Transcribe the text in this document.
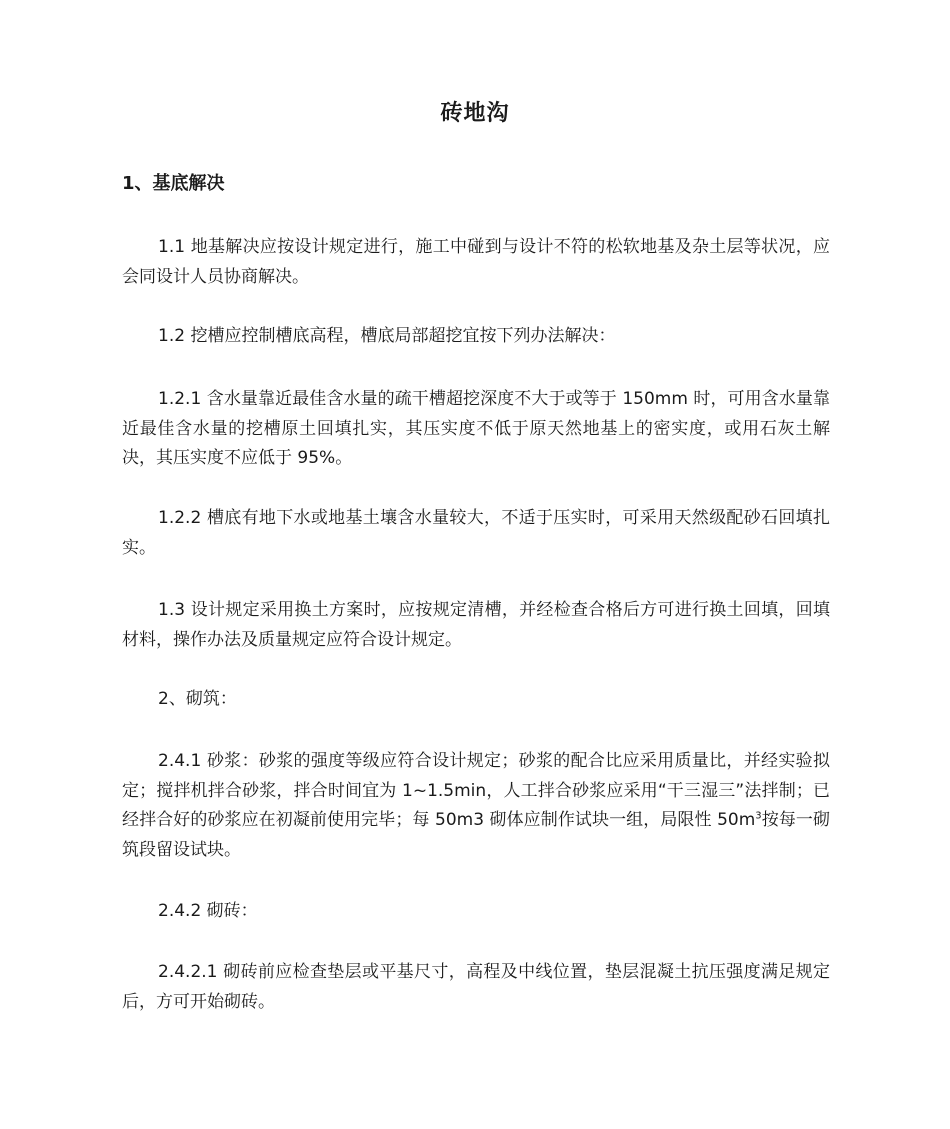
砖地沟
1、基底解决

1.1 地基解决应按设计规定进行，施工中碰到与设计不符的松软地基及杂土层等状况，应会同设计人员协商解决。

1.2 挖槽应控制槽底高程，槽底局部超挖宜按下列办法解决：

1.2.1 含水量靠近最佳含水量的疏干槽超挖深度不大于或等于 150mm 时，可用含水量靠近最佳含水量的挖槽原土回填扎实，其压实度不低于原天然地基上的密实度，或用石灰土解决，其压实度不应低于 95%。

1.2.2 槽底有地下水或地基土壤含水量较大，不适于压实时，可采用天然级配砂石回填扎实。

1.3 设计规定采用换土方案时，应按规定清槽，并经检查合格后方可进行换土回填，回填材料，操作办法及质量规定应符合设计规定。

2、砌筑：

2.4.1 砂浆：砂浆的强度等级应符合设计规定；砂浆的配合比应采用质量比，并经实验拟定；搅拌机拌合砂浆，拌合时间宜为 1~1.5min，人工拌合砂浆应采用“干三湿三”法拌制；已经拌合好的砂浆应在初凝前使用完毕；每 50m3 砌体应制作试块一组，局限性 $50m^3$按每一砌筑段留设试块。

2.4.2 砌砖：

2.4.2.1 砌砖前应检查垫层或平基尺寸，高程及中线位置，垫层混凝土抗压强度满足规定后，方可开始砌砖。
